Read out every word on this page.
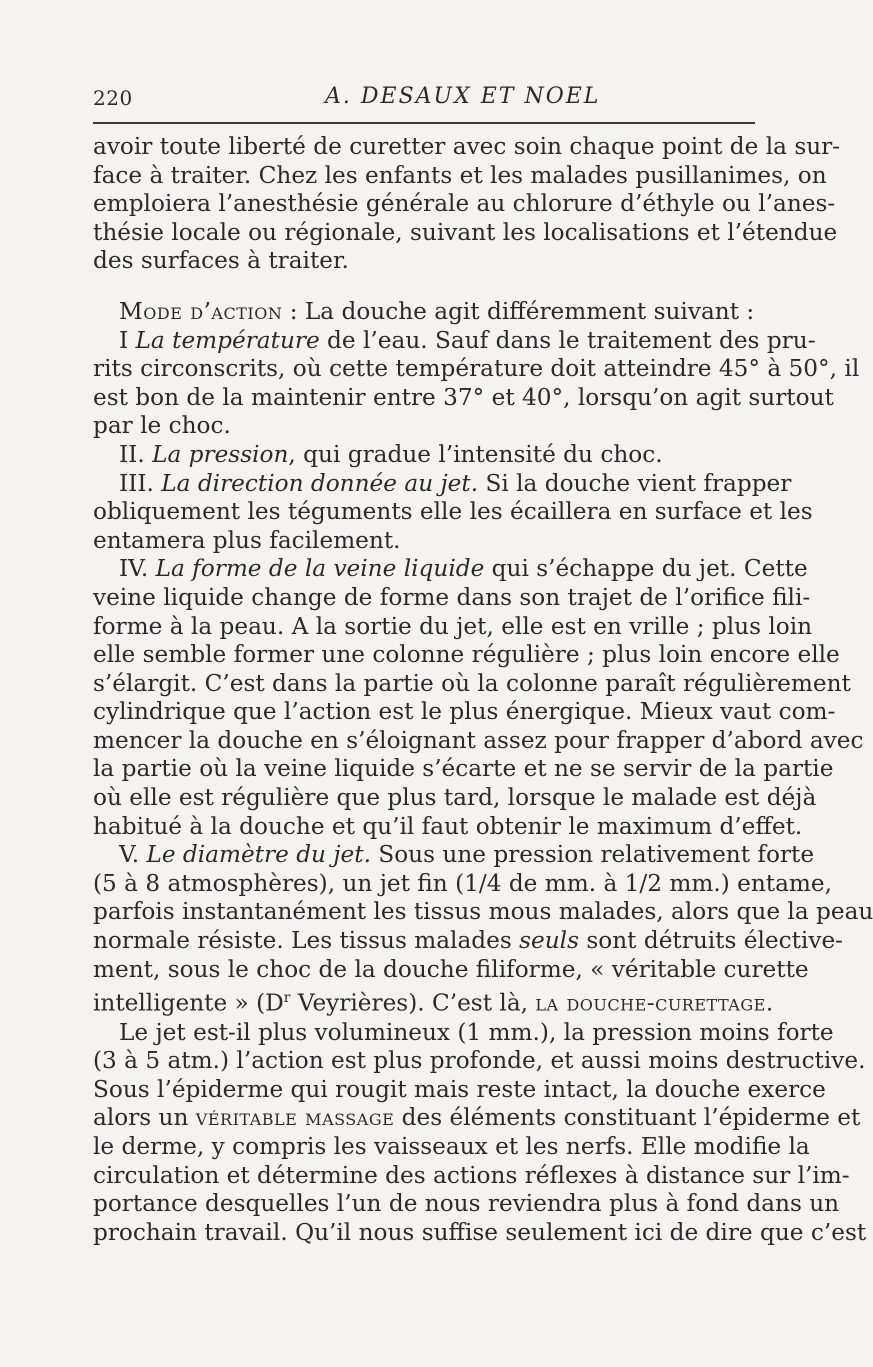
220	A. DESAUX ET NOEL
avoir toute liberté de curetter avec soin chaque point de la sur-
face à traiter. Chez les enfants et les malades pusillanimes, on
emploiera l’anesthésie générale au chlorure d’éthyle ou l’anes-
thésie locale ou régionale, suivant les localisations et l’étendue
des surfaces à traiter.
Mode d’action : La douche agit différemment suivant :
I La température de l’eau. Sauf dans le traitement des pru-
rits circonscrits, où cette température doit atteindre 45° à 50°, il
est bon de la maintenir entre 37° et 40°, lorsqu’on agit surtout
par le choc.
II. La pression, qui gradue l’intensité du choc.
III. La direction donnée au jet. Si la douche vient frapper
obliquement les téguments elle les écaillera en surface et les
entamera plus facilement.
IV. La forme de la veine liquide qui s’échappe du jet. Cette
veine liquide change de forme dans son trajet de l’orifice fili-
forme à la peau. A la sortie du jet, elle est en vrille ; plus loin
elle semble former une colonne régulière ; plus loin encore elle
s’élargit. C’est dans la partie où la colonne paraît régulièrement
cylindrique que l’action est le plus énergique. Mieux vaut com-
mencer la douche en s’éloignant assez pour frapper d’abord avec
la partie où la veine liquide s’écarte et ne se servir de la partie
où elle est régulière que plus tard, lorsque le malade est déjà
habitué à la douche et qu’il faut obtenir le maximum d’effet.
V. Le diamètre du jet. Sous une pression relativement forte
(5 à 8 atmosphères), un jet fin (1/4 de mm. à 1/2 mm.) entame,
parfois instantanément les tissus mous malades, alors que la peau
normale résiste. Les tissus malades seuls sont détruits élective-
ment, sous le choc de la douche filiforme, « véritable curette
intelligente » ($D^r$ Veyrières). C’est là, la douche-curettage.
Le jet est-il plus volumineux (1 mm.), la pression moins forte
(3 à 5 atm.) l’action est plus profonde, et aussi moins destructive.
Sous l’épiderme qui rougit mais reste intact, la douche exerce
alors un véritable massage des éléments constituant l’épiderme et
le derme, y compris les vaisseaux et les nerfs. Elle modifie la
circulation et détermine des actions réflexes à distance sur l’im-
portance desquelles l’un de nous reviendra plus à fond dans un
prochain travail. Qu’il nous suffise seulement ici de dire que c’est
